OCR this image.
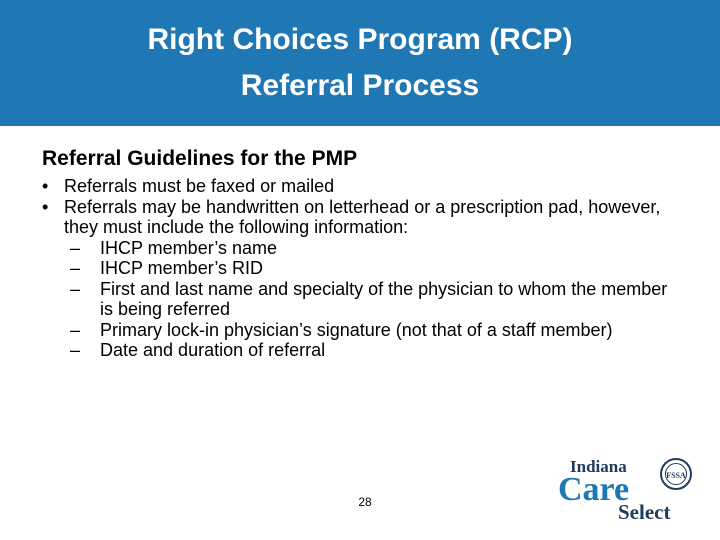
Right Choices Program (RCP)
Referral Process
Referral Guidelines for the PMP
• Referrals must be faxed or mailed
• Referrals may be handwritten on letterhead or a prescription pad, however, they must include the following information:
– IHCP member’s name
– IHCP member’s RID
– First and last name and specialty of the physician to whom the member is being referred
– Primary lock-in physician’s signature (not that of a staff member)
– Date and duration of referral
28
Indiana	FSSA
Care
Select
